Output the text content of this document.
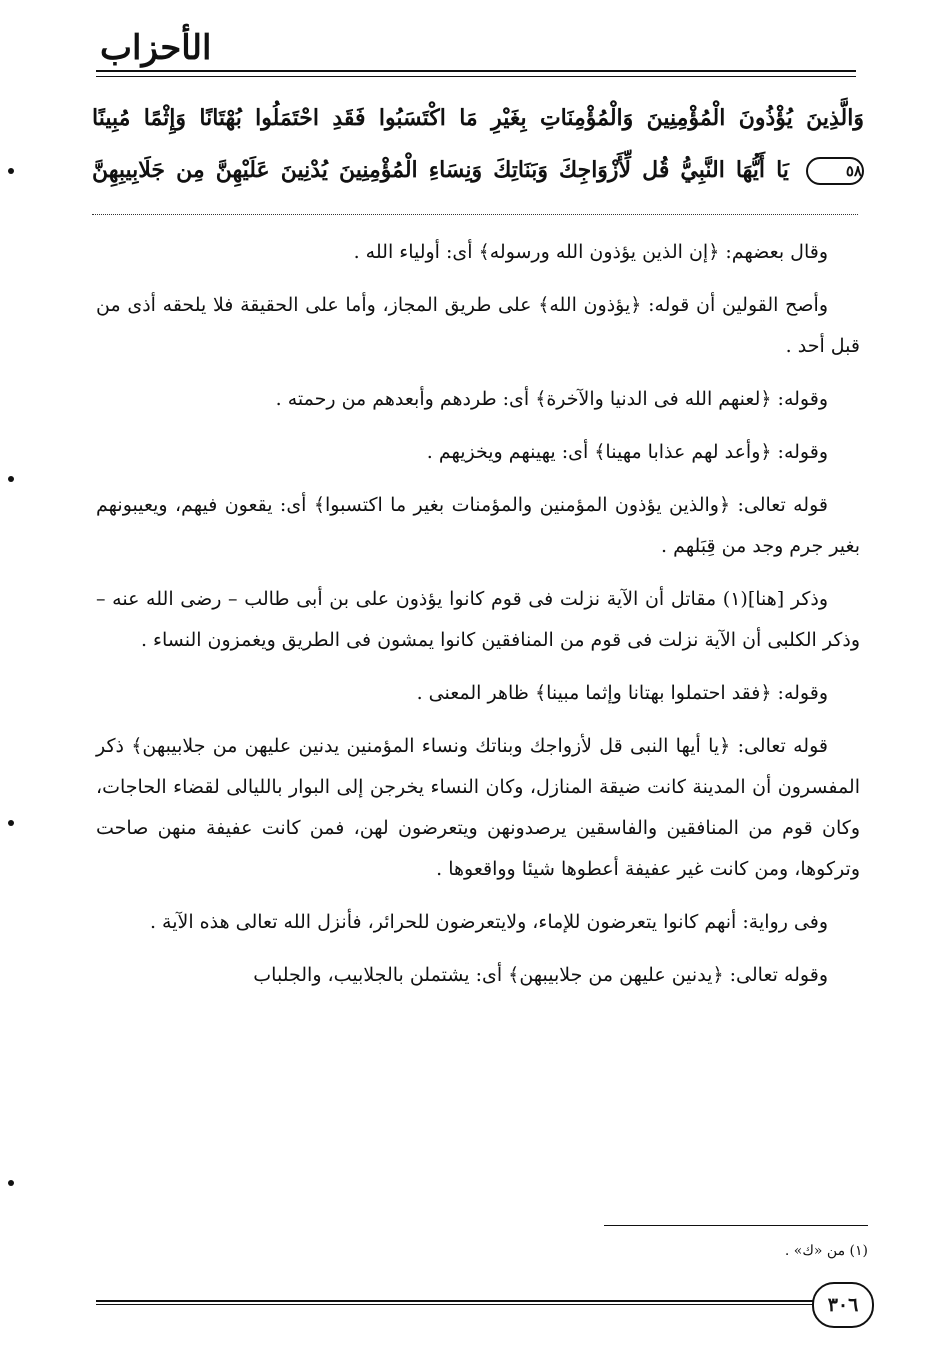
الأحزاب
وَالَّذِينَ يُؤْذُونَ الْمُؤْمِنِينَ وَالْمُؤْمِنَاتِ بِغَيْرِ مَا اكْتَسَبُوا فَقَدِ احْتَمَلُوا بُهْتَانًا وَإِثْمًا مُبِينًا
٥٨ يَا أَيُّهَا النَّبِيُّ قُل لِّأَزْوَاجِكَ وَبَنَاتِكَ وَنِسَاءِ الْمُؤْمِنِينَ يُدْنِينَ عَلَيْهِنَّ مِن جَلَابِيبِهِنَّ

وقال بعضهم: ﴿إن الذين يؤذون الله ورسوله﴾ أى: أولياء الله .

وأصح القولين أن قوله: ﴿يؤذون الله﴾ على طريق المجاز، وأما على الحقيقة فلا يلحقه أذى من قبل أحد .

وقوله: ﴿لعنهم الله فى الدنيا والآخرة﴾ أى: طردهم وأبعدهم من رحمته .

وقوله: ﴿وأعد لهم عذابا مهينا﴾ أى: يهينهم ويخزيهم .

قوله تعالى: ﴿والذين يؤذون المؤمنين والمؤمنات بغير ما اكتسبوا﴾ أى: يقعون فيهم، ويعيبونهم بغير جرم وجد من قِبَلهم .

وذكر [هنا](١) مقاتل أن الآية نزلت فى قوم كانوا يؤذون على بن أبى طالب – رضى الله عنه – وذكر الكلبى أن الآية نزلت فى قوم من المنافقين كانوا يمشون فى الطريق ويغمزون النساء .

وقوله: ﴿فقد احتملوا بهتانا وإثما مبينا﴾ ظاهر المعنى .

قوله تعالى: ﴿يا أيها النبى قل لأزواجك وبناتك ونساء المؤمنين يدنين عليهن من جلابيبهن﴾ ذكر المفسرون أن المدينة كانت ضيقة المنازل، وكان النساء يخرجن إلى البوار بالليالى لقضاء الحاجات، وكان قوم من المنافقين والفاسقين يرصدونهن ويتعرضون لهن، فمن كانت عفيفة منهن صاحت وتركوها، ومن كانت غير عفيفة أعطوها شيئا وواقعوها .

وفى رواية: أنهم كانوا يتعرضون للإماء، ولايتعرضون للحرائر، فأنزل الله تعالى هذه الآية .

وقوله تعالى: ﴿يدنين عليهن من جلابيبهن﴾ أى: يشتملن بالجلابيب، والجلباب

(١) من «ك» .
٣٠٦
